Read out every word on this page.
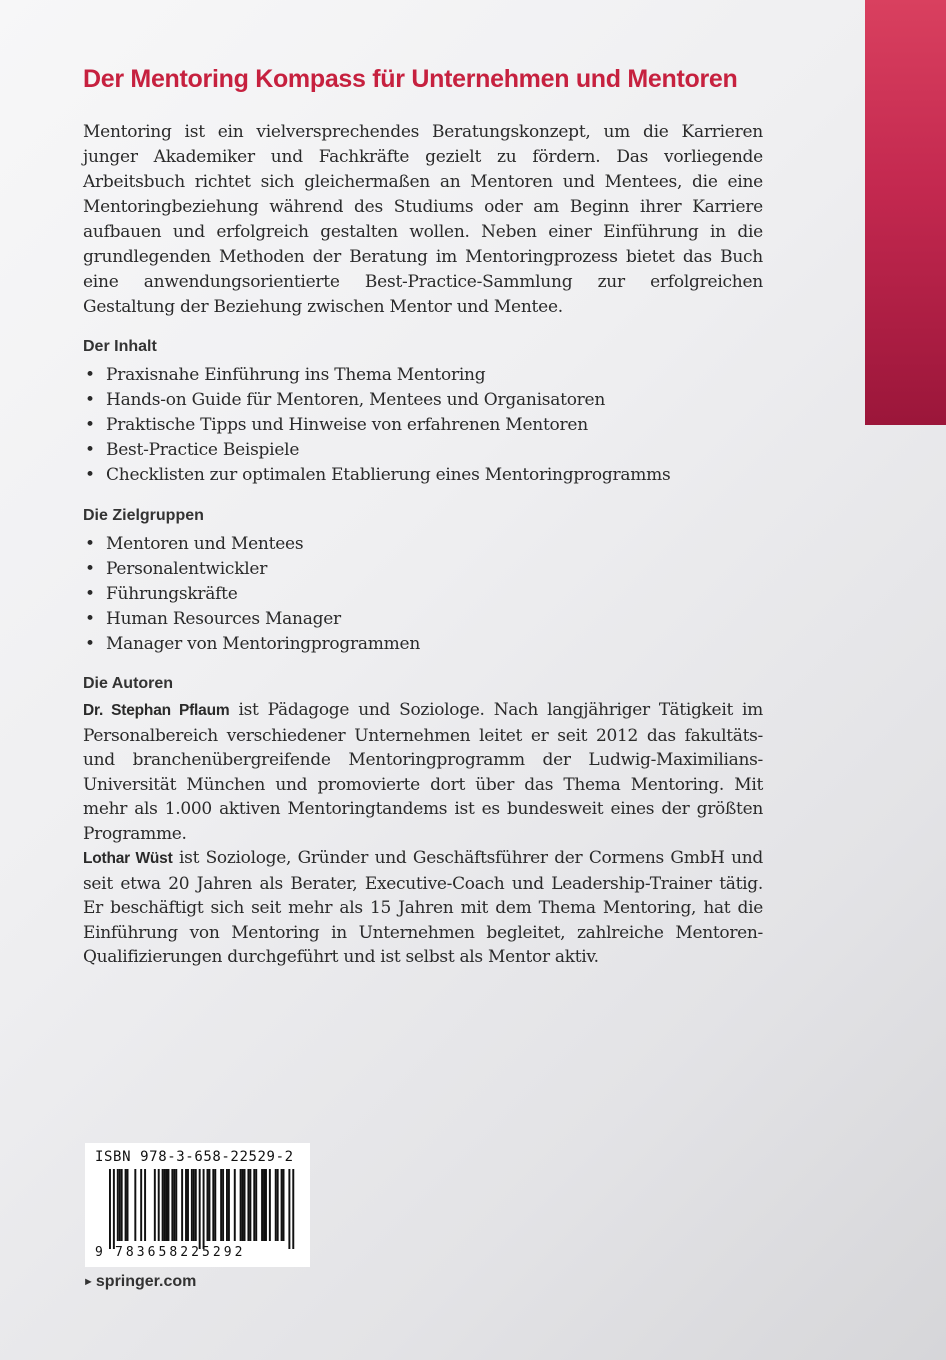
Der Mentoring Kompass für Unternehmen und Mentoren

Mentoring ist ein vielversprechendes Beratungskonzept, um die Karrieren junger Akademiker und Fachkräfte gezielt zu fördern. Das vorliegende Arbeitsbuch richtet sich gleichermaßen an Mentoren und Mentees, die eine Mentoringbeziehung während des Studiums oder am Beginn ihrer Karriere aufbauen und erfolgreich gestalten wollen. Neben einer Einführung in die grundlegenden Methoden der Beratung im Mentoringprozess bietet das Buch eine anwendungsorientierte Best-Practice-Sammlung zur erfolgreichen Gestaltung der Beziehung zwischen Mentor und Mentee.

Der Inhalt
• Praxisnahe Einführung ins Thema Mentoring
• Hands-on Guide für Mentoren, Mentees und Organisatoren
• Praktische Tipps und Hinweise von erfahrenen Mentoren
• Best-Practice Beispiele
• Checklisten zur optimalen Etablierung eines Mentoringprogramms
Die Zielgruppen
• Mentoren und Mentees
• Personalentwickler
• Führungskräfte
• Human Resources Manager
• Manager von Mentoringprogrammen
Die Autoren

Dr. Stephan Pflaum ist Pädagoge und Soziologe. Nach langjähriger Tätigkeit im Personalbereich verschiedener Unternehmen leitet er seit 2012 das fakultäts- und branchenübergreifende Mentoringprogramm der Ludwig-Maximilians-Universität München und promovierte dort über das Thema Mentoring. Mit mehr als 1.000 aktiven Mentoringtandems ist es bundesweit eines der größten Programme.

Lothar Wüst ist Soziologe, Gründer und Geschäftsführer der Cormens GmbH und seit etwa 20 Jahren als Berater, Executive-Coach und Leadership-Trainer tätig. Er beschäftigt sich seit mehr als 15 Jahren mit dem Thema Mentoring, hat die Einführung von Mentoring in Unternehmen begleitet, zahlreiche Mentoren-Qualifizierungen durchgeführt und ist selbst als Mentor aktiv.

ISBN 978-3-658-22529-2
9 783658225292
► springer.com
